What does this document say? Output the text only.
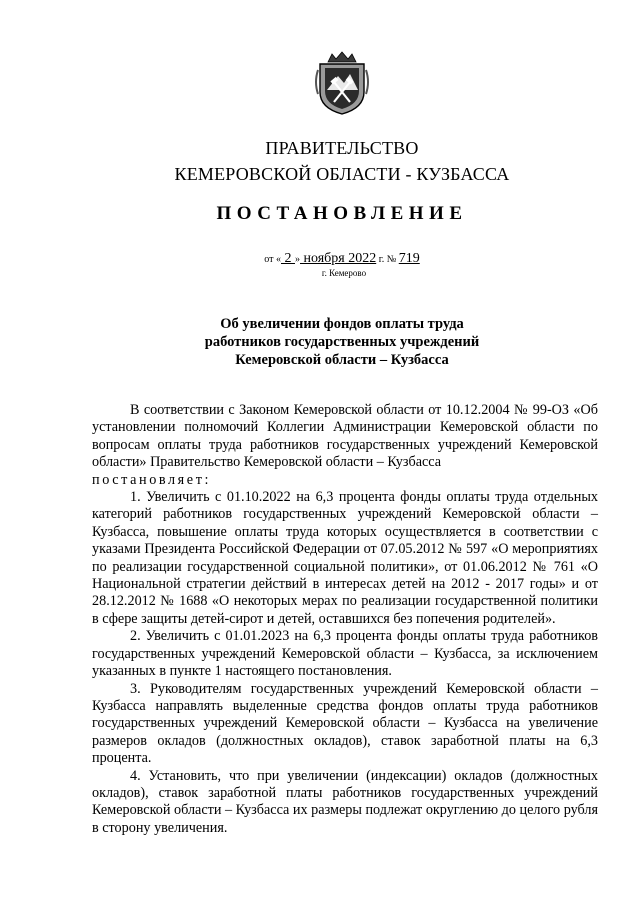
ПРАВИТЕЛЬСТВО
КЕМЕРОВСКОЙ ОБЛАСТИ - КУЗБАССА
ПОСТАНОВЛЕНИЕ
от « 2 » ноября 2022 г. № 719
г. Кемерово
Об увеличении фондов оплаты труда
работников государственных учреждений
Кемеровской области – Кузбасса

В соответствии с Законом Кемеровской области от 10.12.2004 № 99-ОЗ «Об установлении полномочий Коллегии Администрации Кемеровской области по вопросам оплаты труда работников государственных учреждений Кемеровской области» Правительство Кемеровской области – Кузбасса

постановляет:

1. Увеличить с 01.10.2022 на 6,3 процента фонды оплаты труда отдельных категорий работников государственных учреждений Кемеровской области – Кузбасса, повышение оплаты труда которых осуществляется в соответствии с указами Президента Российской Федерации от 07.05.2012 № 597 «О мероприятиях по реализации государственной социальной политики», от 01.06.2012 № 761 «О Национальной стратегии действий в интересах детей на 2012 - 2017 годы» и от 28.12.2012 № 1688 «О некоторых мерах по реализации государственной политики в сфере защиты детей-сирот и детей, оставшихся без попечения родителей».

2. Увеличить с 01.01.2023 на 6,3 процента фонды оплаты труда работников государственных учреждений Кемеровской области – Кузбасса, за исключением указанных в пункте 1 настоящего постановления.

3. Руководителям государственных учреждений Кемеровской области – Кузбасса направлять выделенные средства фондов оплаты труда работников государственных учреждений Кемеровской области – Кузбасса на увеличение размеров окладов (должностных окладов), ставок заработной платы на 6,3 процента.

4. Установить, что при увеличении (индексации) окладов (должностных окладов), ставок заработной платы работников государственных учреждений Кемеровской области – Кузбасса их размеры подлежат округлению до целого рубля в сторону увеличения.
